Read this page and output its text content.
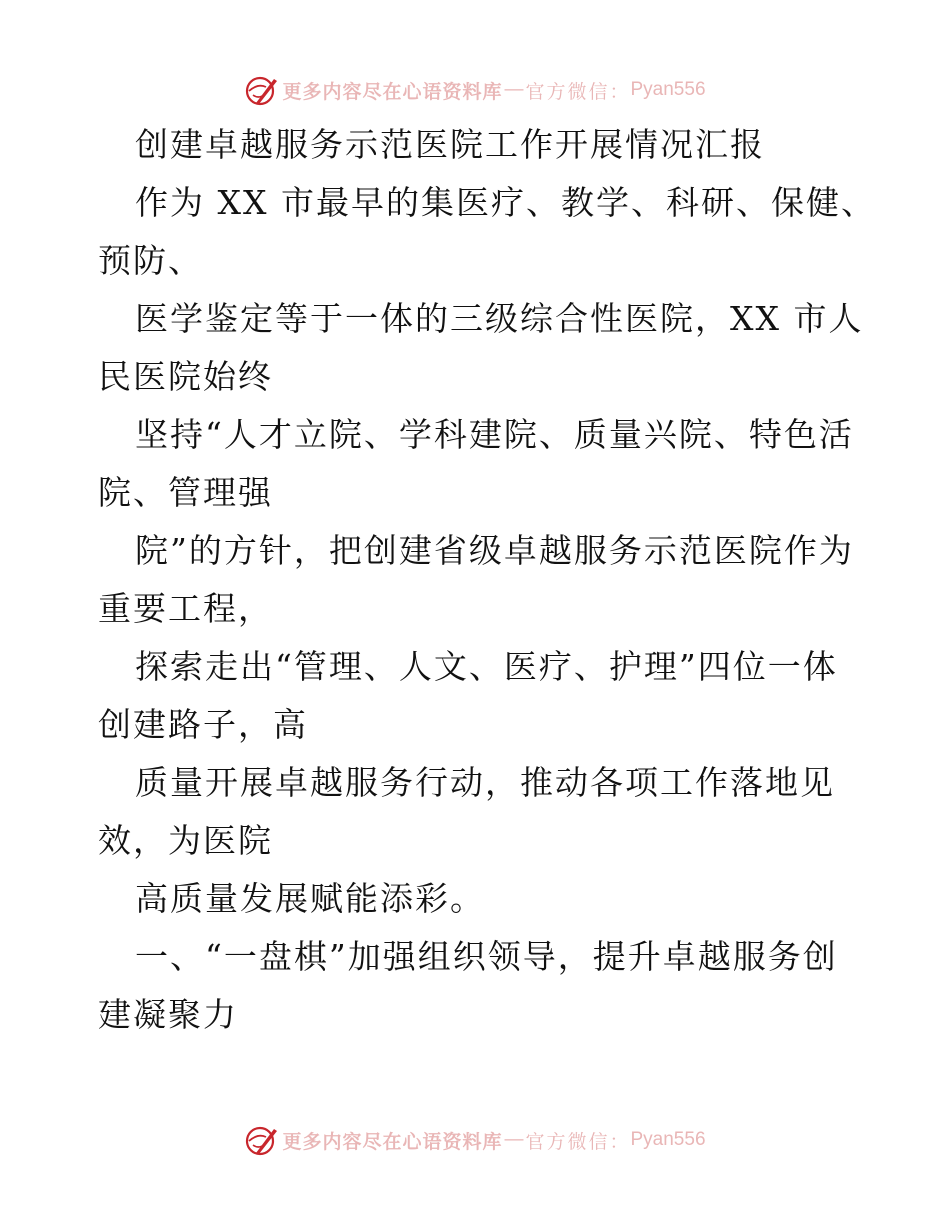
更多内容尽在心语资料库 — 官方微信： Pyan556
创建卓越服务示范医院工作开展情况汇报
作为 XX 市最早的集医疗、教学、科研、保健、
预防、
医学鉴定等于一体的三级综合性医院，XX 市人
民医院始终
坚持“人才立院、学科建院、质量兴院、特色活
院、管理强
院”的方针，把创建省级卓越服务示范医院作为
重要工程，
探索走出“管理、人文、医疗、护理”四位一体
创建路子，高
质量开展卓越服务行动，推动各项工作落地见
效，为医院
高质量发展赋能添彩。
一、“一盘棋”加强组织领导，提升卓越服务创
建凝聚力
更多内容尽在心语资料库 — 官方微信： Pyan556
